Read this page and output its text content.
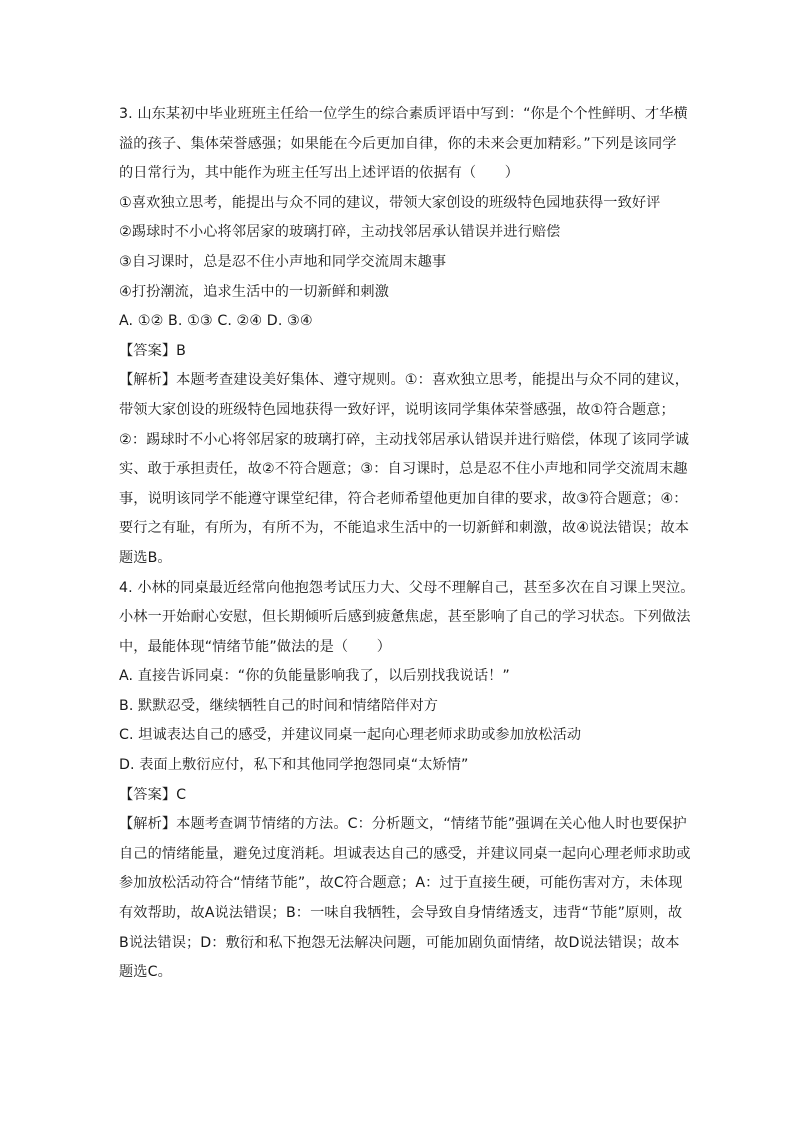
3. 山东某初中毕业班班主任给一位学生的综合素质评语中写到：“你是个个性鲜明、才华横
溢的孩子、集体荣誉感强；如果能在今后更加自律，你的未来会更加精彩。”下列是该同学
的日常行为，其中能作为班主任写出上述评语的依据有（　　）
①喜欢独立思考，能提出与众不同的建议，带领大家创设的班级特色园地获得一致好评
②踢球时不小心将邻居家的玻璃打碎，主动找邻居承认错误并进行赔偿
③自习课时，总是忍不住小声地和同学交流周末趣事
④打扮潮流，追求生活中的一切新鲜和刺激
A. ①② B. ①③ C. ②④ D. ③④
【答案】B
【解析】本题考查建设美好集体、遵守规则。①：喜欢独立思考，能提出与众不同的建议，
带领大家创设的班级特色园地获得一致好评，说明该同学集体荣誉感强，故①符合题意；
②：踢球时不小心将邻居家的玻璃打碎，主动找邻居承认错误并进行赔偿，体现了该同学诚
实、敢于承担责任，故②不符合题意；③：自习课时，总是忍不住小声地和同学交流周末趣
事，说明该同学不能遵守课堂纪律，符合老师希望他更加自律的要求，故③符合题意；④：
要行之有耻，有所为，有所不为，不能追求生活中的一切新鲜和刺激，故④说法错误；故本
题选B。
4. 小林的同桌最近经常向他抱怨考试压力大、父母不理解自己，甚至多次在自习课上哭泣。
小林一开始耐心安慰，但长期倾听后感到疲惫焦虑，甚至影响了自己的学习状态。下列做法
中，最能体现“情绪节能”做法的是（　　）
A. 直接告诉同桌：“你的负能量影响我了，以后别找我说话！”
B. 默默忍受，继续牺牲自己的时间和情绪陪伴对方
C. 坦诚表达自己的感受，并建议同桌一起向心理老师求助或参加放松活动
D. 表面上敷衍应付，私下和其他同学抱怨同桌“太矫情”
【答案】C
【解析】本题考查调节情绪的方法。C：分析题文，“情绪节能”强调在关心他人时也要保护
自己的情绪能量，避免过度消耗。坦诚表达自己的感受，并建议同桌一起向心理老师求助或
参加放松活动符合“情绪节能”，故C符合题意；A：过于直接生硬，可能伤害对方，未体现
有效帮助，故A说法错误；B：一味自我牺牲，会导致自身情绪透支，违背“节能”原则，故
B说法错误；D：敷衍和私下抱怨无法解决问题，可能加剧负面情绪，故D说法错误；故本
题选C。
